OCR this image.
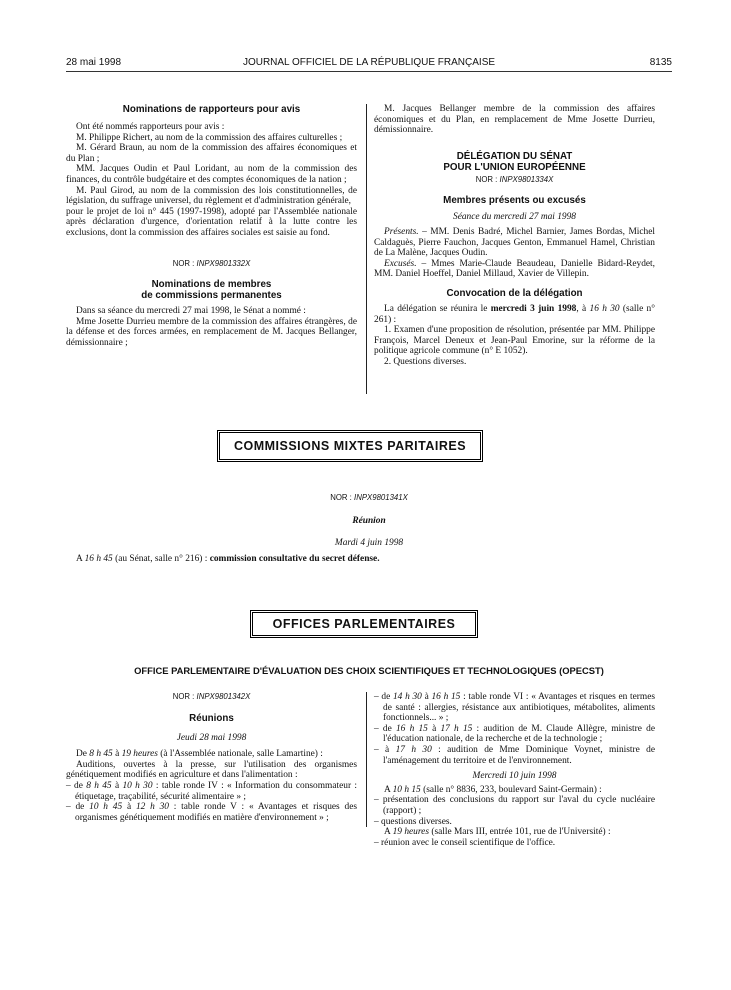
28 mai 1998	JOURNAL OFFICIEL DE LA RÉPUBLIQUE FRANÇAISE	8135

Nominations de rapporteurs pour avis

Ont été nommés rapporteurs pour avis :

M. Philippe Richert, au nom de la commission des affaires culturelles ;

M. Gérard Braun, au nom de la commission des affaires économiques et du Plan ;

MM. Jacques Oudin et Paul Loridant, au nom de la commission des finances, du contrôle budgétaire et des comptes économiques de la nation ;

M. Paul Girod, au nom de la commission des lois constitutionnelles, de législation, du suffrage universel, du règlement et d'administration générale,

pour le projet de loi n° 445 (1997-1998), adopté par l'Assemblée nationale après déclaration d'urgence, d'orientation relatif à la lutte contre les exclusions, dont la commission des affaires sociales est saisie au fond.

NOR : INPX9801332X

Nominations de membres
de commissions permanentes

Dans sa séance du mercredi 27 mai 1998, le Sénat a nommé :

Mme Josette Durrieu membre de la commission des affaires étrangères, de la défense et des forces armées, en remplacement de M. Jacques Bellanger, démissionnaire ;

M. Jacques Bellanger membre de la commission des affaires économiques et du Plan, en remplacement de Mme Josette Durrieu, démissionnaire.

DÉLÉGATION DU SÉNAT
POUR L'UNION EUROPÉENNE

NOR : INPX9801334X

Membres présents ou excusés

Séance du mercredi 27 mai 1998

Présents. – MM. Denis Badré, Michel Barnier, James Bordas, Michel Caldaguès, Pierre Fauchon, Jacques Genton, Emmanuel Hamel, Christian de La Malène, Jacques Oudin.

Excusés. – Mmes Marie-Claude Beaudeau, Danielle Bidard-Reydet, MM. Daniel Hoeffel, Daniel Millaud, Xavier de Villepin.

Convocation de la délégation

La délégation se réunira le mercredi 3 juin 1998, à 16 h 30 (salle n° 261) :

1. Examen d'une proposition de résolution, présentée par MM. Philippe François, Marcel Deneux et Jean-Paul Emorine, sur la réforme de la politique agricole commune (n° E 1052).

2. Questions diverses.

COMMISSIONS MIXTES PARITAIRES
NOR : INPX9801341X
Réunion
Mardi 4 juin 1998
A 16 h 45 (au Sénat, salle n° 216) : commission consultative du secret défense.
OFFICES PARLEMENTAIRES
OFFICE PARLEMENTAIRE D'ÉVALUATION DES CHOIX SCIENTIFIQUES ET TECHNOLOGIQUES (OPECST)

NOR : INPX9801342X

Réunions

Jeudi 28 mai 1998

De 8 h 45 à 19 heures (à l'Assemblée nationale, salle Lamartine) :

Auditions, ouvertes à la presse, sur l'utilisation des organismes génétiquement modifiés en agriculture et dans l'alimentation :

– de 8 h 45 à 10 h 30 : table ronde IV : « Information du consommateur : étiquetage, traçabilité, sécurité alimentaire » ;

– de 10 h 45 à 12 h 30 : table ronde V : « Avantages et risques des organismes génétiquement modifiés en matière d'environnement » ;

– de 14 h 30 à 16 h 15 : table ronde VI : « Avantages et risques en termes de santé : allergies, résistance aux antibiotiques, métabolites, aliments fonctionnels... » ;

– de 16 h 15 à 17 h 15 : audition de M. Claude Allègre, ministre de l'éducation nationale, de la recherche et de la technologie ;

– à 17 h 30 : audition de Mme Dominique Voynet, ministre de l'aménagement du territoire et de l'environnement.

Mercredi 10 juin 1998

A 10 h 15 (salle n° 8836, 233, boulevard Saint-Germain) :

– présentation des conclusions du rapport sur l'aval du cycle nucléaire (rapport) ;

– questions diverses.

A 19 heures (salle Mars III, entrée 101, rue de l'Université) :

– réunion avec le conseil scientifique de l'office.
